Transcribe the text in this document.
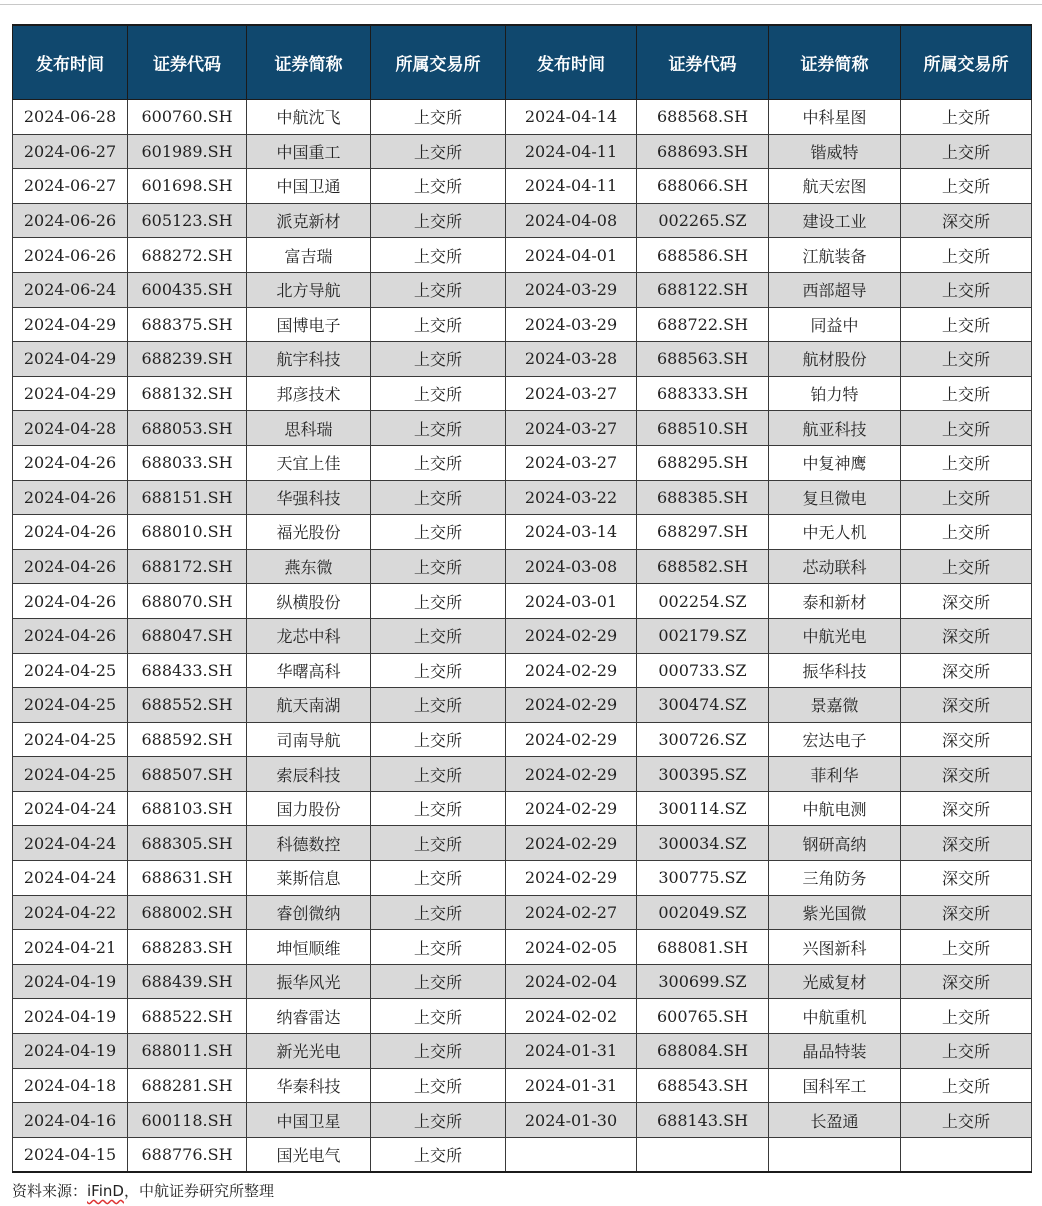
发布时间	证券代码	证券简称	所属交易所	发布时间	证券代码	证券简称	所属交易所
2024-06-28	600760.SH	中航沈飞	上交所	2024-04-14	688568.SH	中科星图	上交所
2024-06-27	601989.SH	中国重工	上交所	2024-04-11	688693.SH	锴威特	上交所
2024-06-27	601698.SH	中国卫通	上交所	2024-04-11	688066.SH	航天宏图	上交所
2024-06-26	605123.SH	派克新材	上交所	2024-04-08	002265.SZ	建设工业	深交所
2024-06-26	688272.SH	富吉瑞	上交所	2024-04-01	688586.SH	江航装备	上交所
2024-06-24	600435.SH	北方导航	上交所	2024-03-29	688122.SH	西部超导	上交所
2024-04-29	688375.SH	国博电子	上交所	2024-03-29	688722.SH	同益中	上交所
2024-04-29	688239.SH	航宇科技	上交所	2024-03-28	688563.SH	航材股份	上交所
2024-04-29	688132.SH	邦彦技术	上交所	2024-03-27	688333.SH	铂力特	上交所
2024-04-28	688053.SH	思科瑞	上交所	2024-03-27	688510.SH	航亚科技	上交所
2024-04-26	688033.SH	天宜上佳	上交所	2024-03-27	688295.SH	中复神鹰	上交所
2024-04-26	688151.SH	华强科技	上交所	2024-03-22	688385.SH	复旦微电	上交所
2024-04-26	688010.SH	福光股份	上交所	2024-03-14	688297.SH	中无人机	上交所
2024-04-26	688172.SH	燕东微	上交所	2024-03-08	688582.SH	芯动联科	上交所
2024-04-26	688070.SH	纵横股份	上交所	2024-03-01	002254.SZ	泰和新材	深交所
2024-04-26	688047.SH	龙芯中科	上交所	2024-02-29	002179.SZ	中航光电	深交所
2024-04-25	688433.SH	华曙高科	上交所	2024-02-29	000733.SZ	振华科技	深交所
2024-04-25	688552.SH	航天南湖	上交所	2024-02-29	300474.SZ	景嘉微	深交所
2024-04-25	688592.SH	司南导航	上交所	2024-02-29	300726.SZ	宏达电子	深交所
2024-04-25	688507.SH	索辰科技	上交所	2024-02-29	300395.SZ	菲利华	深交所
2024-04-24	688103.SH	国力股份	上交所	2024-02-29	300114.SZ	中航电测	深交所
2024-04-24	688305.SH	科德数控	上交所	2024-02-29	300034.SZ	钢研高纳	深交所
2024-04-24	688631.SH	莱斯信息	上交所	2024-02-29	300775.SZ	三角防务	深交所
2024-04-22	688002.SH	睿创微纳	上交所	2024-02-27	002049.SZ	紫光国微	深交所
2024-04-21	688283.SH	坤恒顺维	上交所	2024-02-05	688081.SH	兴图新科	上交所
2024-04-19	688439.SH	振华风光	上交所	2024-02-04	300699.SZ	光威复材	深交所
2024-04-19	688522.SH	纳睿雷达	上交所	2024-02-02	600765.SH	中航重机	上交所
2024-04-19	688011.SH	新光光电	上交所	2024-01-31	688084.SH	晶品特装	上交所
2024-04-18	688281.SH	华秦科技	上交所	2024-01-31	688543.SH	国科军工	上交所
2024-04-16	600118.SH	中国卫星	上交所	2024-01-30	688143.SH	长盈通	上交所
2024-04-15	688776.SH	国光电气	上交所				
资料来源：iFinD，中航证券研究所整理
